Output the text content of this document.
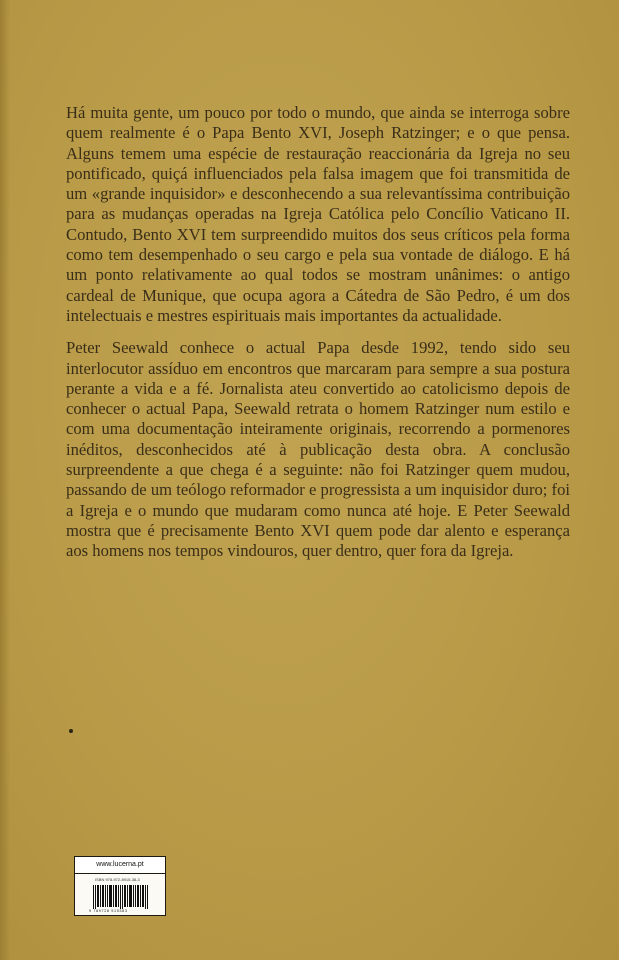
Há muita gente, um pouco por todo o mundo, que ainda se interroga sobre quem realmente é o Papa Bento XVI, Joseph Ratzinger; e o que pensa. Alguns temem uma espécie de restauração reaccionária da Igreja no seu pontificado, quiçá influenciados pela falsa imagem que foi transmitida de um «grande inquisidor» e desconhecendo a sua relevantíssima contribuição para as mudanças operadas na Igreja Católica pelo Concílio Vaticano II. Contudo, Bento XVI tem surpreendido muitos dos seus críticos pela forma como tem desempenhado o seu cargo e pela sua vontade de diálogo. E há um ponto relativamente ao qual todos se mostram unânimes: o antigo cardeal de Munique, que ocupa agora a Cátedra de São Pedro, é um dos intelectuais e mestres espirituais mais importantes da actualidade.

Peter Seewald conhece o actual Papa desde 1992, tendo sido seu interlocutor assíduo em encontros que marcaram para sempre a sua postura perante a vida e a fé. Jornalista ateu convertido ao catolicismo depois de conhecer o actual Papa, Seewald retrata o homem Ratzinger num estilo e com uma documentação inteiramente originais, recorrendo a pormenores inéditos, desconhecidos até à publicação desta obra. A conclusão surpreendente a que chega é a seguinte: não foi Ratzinger quem mudou, passando de um teólogo reformador e progressista a um inquisidor duro; foi a Igreja e o mundo que mudaram como nunca até hoje. E Peter Seewald mostra que é precisamente Bento XVI quem pode dar alento e esperança aos homens nos tempos vindouros, quer dentro, quer fora da Igreja.

www.lucerna.pt
ISBN 978-972-8915-38-3
9 789728 915383
